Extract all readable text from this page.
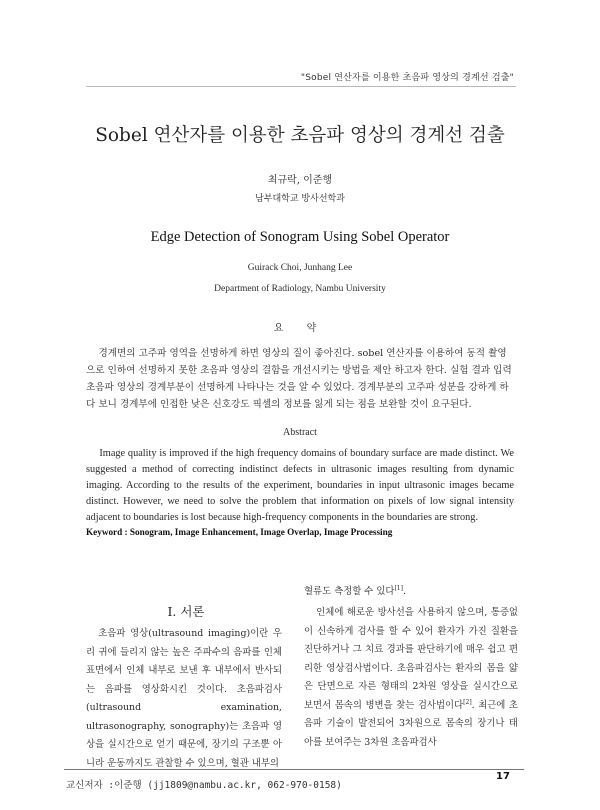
"Sobel 연산자를 이용한 초음파 영상의 경계선 검출"
Sobel 연산자를 이용한 초음파 영상의 경계선 검출
최규락, 이준행
남부대학교 방사선학과
Edge Detection of Sonogram Using Sobel Operator
Guirack Choi, Junhang Lee
Department of Radiology, Nambu University
요 약

경계면의 고주파 영역을 선명하게 하면 영상의 질이 좋아진다. sobel 연산자를 이용하여 동적 촬영으로 인하여 선명하지 못한 초음파 영상의 결함을 개선시키는 방법을 제안 하고자 한다. 실험 결과 입력 초음파 영상의 경계부분이 선명하게 나타나는 것을 알 수 있었다. 경계부분의 고주파 성분을 강하게 하다 보니 경계부에 인접한 낮은 신호강도 픽셀의 정보를 잃게 되는 점을 보완할 것이 요구된다.

Abstract

Image quality is improved if the high frequency domains of boundary surface are made distinct. We suggested a method of correcting indistinct defects in ultrasonic images resulting from dynamic imaging. According to the results of the experiment, boundaries in input ultrasonic images became distinct. However, we need to solve the problem that information on pixels of low signal intensity adjacent to boundaries is lost because high-frequency components in the boundaries are strong.

Keyword : Sonogram, Image Enhancement, Image Overlap, Image Processing
I. 서론

초음파 영상(ultrasound imaging)이란 우리 귀에 들리지 않는 높은 주파수의 음파를 인체 표면에서 인체 내부로 보낸 후 내부에서 반사되는 음파를 영상화시킨 것이다. 초음파검사(ultrasound examination, ultrasonography, sonography)는 초음파 영상을 실시간으로 얻기 때문에, 장기의 구조뿐 아니라 운동까지도 관찰할 수 있으며, 혈관 내부의

혈류도 측정할 수 있다[1].

인체에 해로운 방사선을 사용하지 않으며, 통증없이 신속하게 검사를 할 수 있어 환자가 가진 질환을 진단하거나 그 치료 경과를 판단하기에 매우 쉽고 편리한 영상검사법이다. 초음파검사는 환자의 몸을 얇은 단면으로 자른 형태의 2차원 영상을 실시간으로 보면서 몸속의 병변을 찾는 검사법이다[2]. 최근에 초음파 기술이 발전되어 3차원으로 몸속의 장기나 태아를 보여주는 3차원 초음파검사

17
교신저자 :이준행 (jj1809@nambu.ac.kr, 062-970-0158)
